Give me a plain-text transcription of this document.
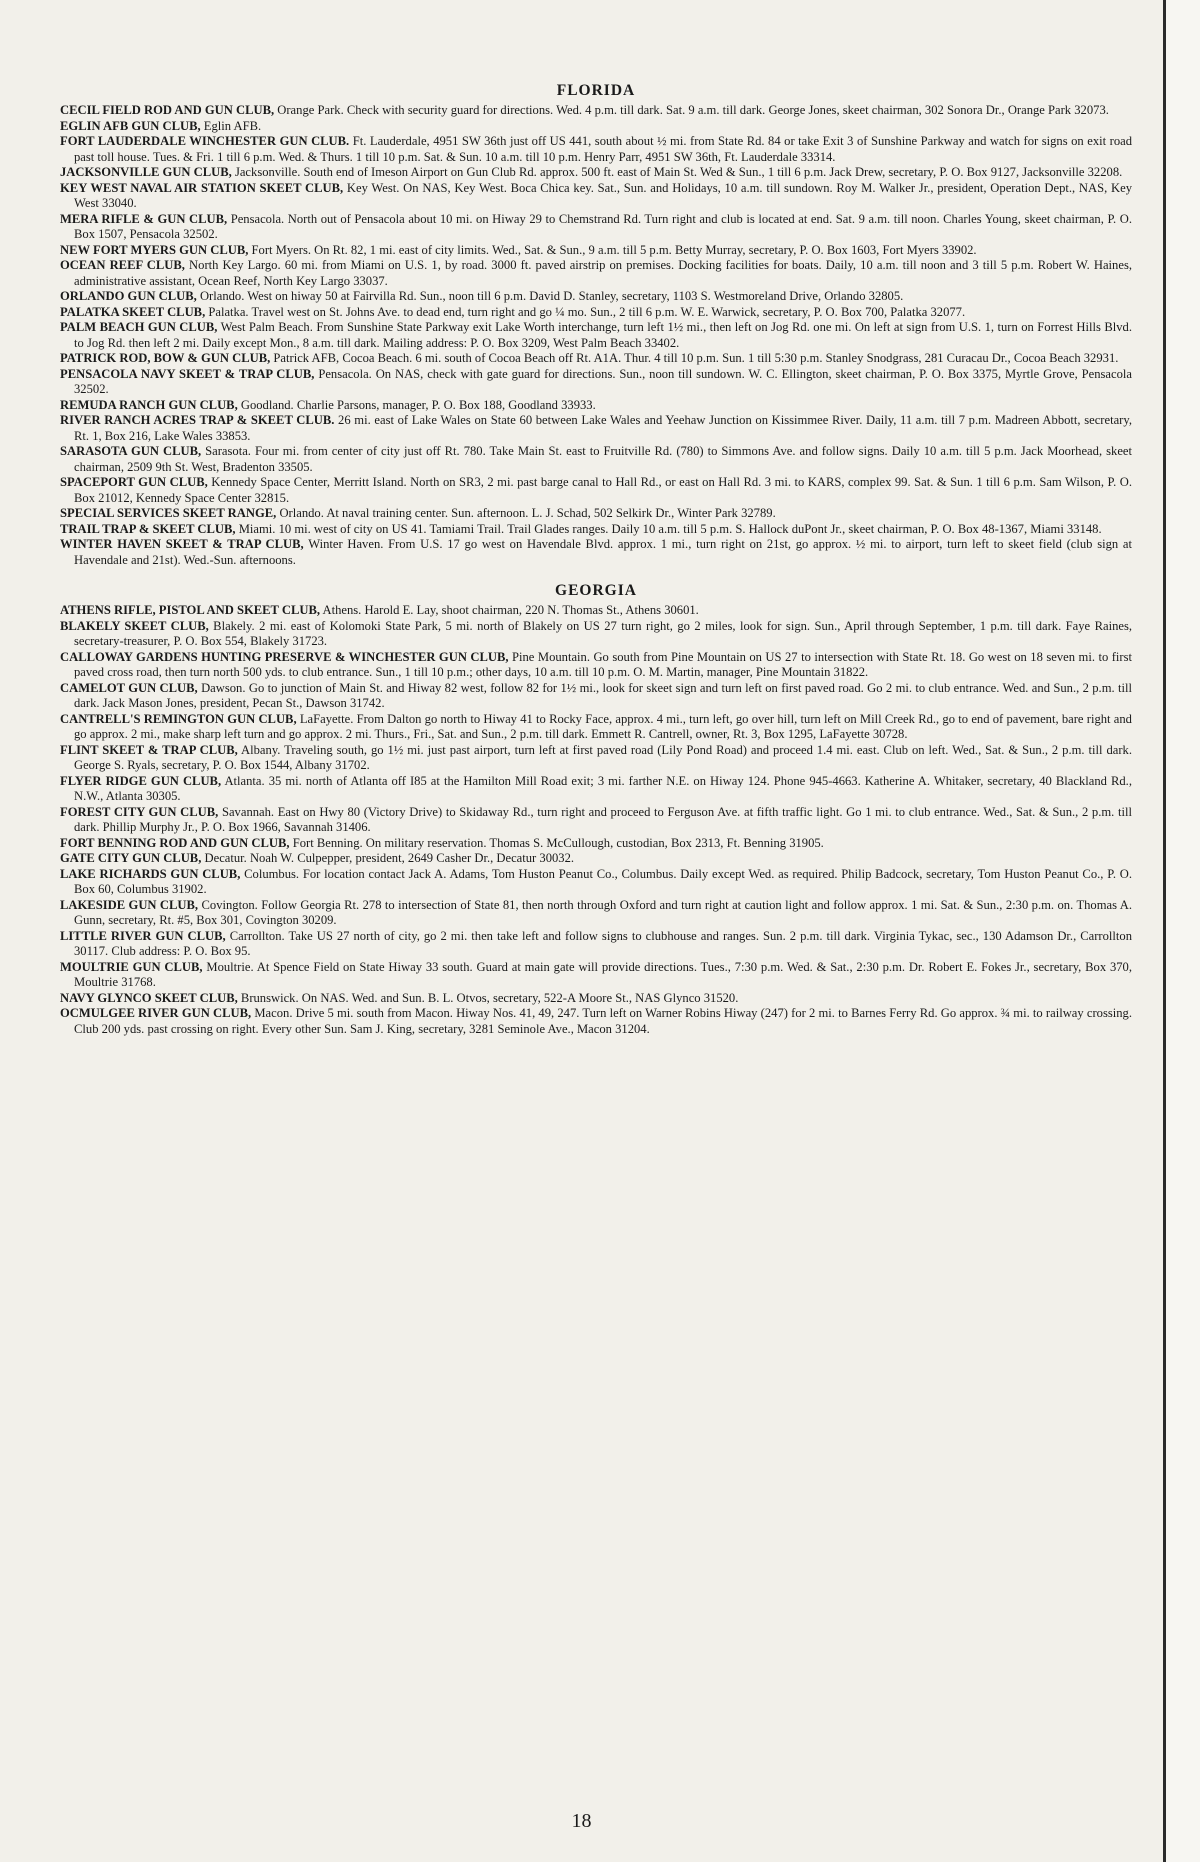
FLORIDA

CECIL FIELD ROD AND GUN CLUB, Orange Park. Check with security guard for directions. Wed. 4 p.m. till dark. Sat. 9 a.m. till dark. George Jones, skeet chairman, 302 Sonora Dr., Orange Park 32073.

EGLIN AFB GUN CLUB, Eglin AFB.

FORT LAUDERDALE WINCHESTER GUN CLUB. Ft. Lauderdale, 4951 SW 36th just off US 441, south about ½ mi. from State Rd. 84 or take Exit 3 of Sunshine Parkway and watch for signs on exit road past toll house. Tues. & Fri. 1 till 6 p.m. Wed. & Thurs. 1 till 10 p.m. Sat. & Sun. 10 a.m. till 10 p.m. Henry Parr, 4951 SW 36th, Ft. Lauderdale 33314.

JACKSONVILLE GUN CLUB, Jacksonville. South end of Imeson Airport on Gun Club Rd. approx. 500 ft. east of Main St. Wed & Sun., 1 till 6 p.m. Jack Drew, secretary, P. O. Box 9127, Jacksonville 32208.

KEY WEST NAVAL AIR STATION SKEET CLUB, Key West. On NAS, Key West. Boca Chica key. Sat., Sun. and Holidays, 10 a.m. till sundown. Roy M. Walker Jr., president, Operation Dept., NAS, Key West 33040.

MERA RIFLE & GUN CLUB, Pensacola. North out of Pensacola about 10 mi. on Hiway 29 to Chemstrand Rd. Turn right and club is located at end. Sat. 9 a.m. till noon. Charles Young, skeet chairman, P. O. Box 1507, Pensacola 32502.

NEW FORT MYERS GUN CLUB, Fort Myers. On Rt. 82, 1 mi. east of city limits. Wed., Sat. & Sun., 9 a.m. till 5 p.m. Betty Murray, secretary, P. O. Box 1603, Fort Myers 33902.

OCEAN REEF CLUB, North Key Largo. 60 mi. from Miami on U.S. 1, by road. 3000 ft. paved airstrip on premises. Docking facilities for boats. Daily, 10 a.m. till noon and 3 till 5 p.m. Robert W. Haines, administrative assistant, Ocean Reef, North Key Largo 33037.

ORLANDO GUN CLUB, Orlando. West on hiway 50 at Fairvilla Rd. Sun., noon till 6 p.m. David D. Stanley, secretary, 1103 S. Westmoreland Drive, Orlando 32805.

PALATKA SKEET CLUB, Palatka. Travel west on St. Johns Ave. to dead end, turn right and go ¼ mo. Sun., 2 till 6 p.m. W. E. Warwick, secretary, P. O. Box 700, Palatka 32077.

PALM BEACH GUN CLUB, West Palm Beach. From Sunshine State Parkway exit Lake Worth interchange, turn left 1½ mi., then left on Jog Rd. one mi. On left at sign from U.S. 1, turn on Forrest Hills Blvd. to Jog Rd. then left 2 mi. Daily except Mon., 8 a.m. till dark. Mailing address: P. O. Box 3209, West Palm Beach 33402.

PATRICK ROD, BOW & GUN CLUB, Patrick AFB, Cocoa Beach. 6 mi. south of Cocoa Beach off Rt. A1A. Thur. 4 till 10 p.m. Sun. 1 till 5:30 p.m. Stanley Snodgrass, 281 Curacau Dr., Cocoa Beach 32931.

PENSACOLA NAVY SKEET & TRAP CLUB, Pensacola. On NAS, check with gate guard for directions. Sun., noon till sundown. W. C. Ellington, skeet chairman, P. O. Box 3375, Myrtle Grove, Pensacola 32502.

REMUDA RANCH GUN CLUB, Goodland. Charlie Parsons, manager, P. O. Box 188, Goodland 33933.

RIVER RANCH ACRES TRAP & SKEET CLUB. 26 mi. east of Lake Wales on State 60 between Lake Wales and Yeehaw Junction on Kissimmee River. Daily, 11 a.m. till 7 p.m. Madreen Abbott, secretary, Rt. 1, Box 216, Lake Wales 33853.

SARASOTA GUN CLUB, Sarasota. Four mi. from center of city just off Rt. 780. Take Main St. east to Fruitville Rd. (780) to Simmons Ave. and follow signs. Daily 10 a.m. till 5 p.m. Jack Moorhead, skeet chairman, 2509 9th St. West, Bradenton 33505.

SPACEPORT GUN CLUB, Kennedy Space Center, Merritt Island. North on SR3, 2 mi. past barge canal to Hall Rd., or east on Hall Rd. 3 mi. to KARS, complex 99. Sat. & Sun. 1 till 6 p.m. Sam Wilson, P. O. Box 21012, Kennedy Space Center 32815.

SPECIAL SERVICES SKEET RANGE, Orlando. At naval training center. Sun. afternoon. L. J. Schad, 502 Selkirk Dr., Winter Park 32789.

TRAIL TRAP & SKEET CLUB, Miami. 10 mi. west of city on US 41. Tamiami Trail. Trail Glades ranges. Daily 10 a.m. till 5 p.m. S. Hallock duPont Jr., skeet chairman, P. O. Box 48-1367, Miami 33148.

WINTER HAVEN SKEET & TRAP CLUB, Winter Haven. From U.S. 17 go west on Havendale Blvd. approx. 1 mi., turn right on 21st, go approx. ½ mi. to airport, turn left to skeet field (club sign at Havendale and 21st). Wed.-Sun. afternoons.

GEORGIA

ATHENS RIFLE, PISTOL AND SKEET CLUB, Athens. Harold E. Lay, shoot chairman, 220 N. Thomas St., Athens 30601.

BLAKELY SKEET CLUB, Blakely. 2 mi. east of Kolomoki State Park, 5 mi. north of Blakely on US 27 turn right, go 2 miles, look for sign. Sun., April through September, 1 p.m. till dark. Faye Raines, secretary-treasurer, P. O. Box 554, Blakely 31723.

CALLOWAY GARDENS HUNTING PRESERVE & WINCHESTER GUN CLUB, Pine Mountain. Go south from Pine Mountain on US 27 to intersection with State Rt. 18. Go west on 18 seven mi. to first paved cross road, then turn north 500 yds. to club entrance. Sun., 1 till 10 p.m.; other days, 10 a.m. till 10 p.m. O. M. Martin, manager, Pine Mountain 31822.

CAMELOT GUN CLUB, Dawson. Go to junction of Main St. and Hiway 82 west, follow 82 for 1½ mi., look for skeet sign and turn left on first paved road. Go 2 mi. to club entrance. Wed. and Sun., 2 p.m. till dark. Jack Mason Jones, president, Pecan St., Dawson 31742.

CANTRELL'S REMINGTON GUN CLUB, LaFayette. From Dalton go north to Hiway 41 to Rocky Face, approx. 4 mi., turn left, go over hill, turn left on Mill Creek Rd., go to end of pavement, bare right and go approx. 2 mi., make sharp left turn and go approx. 2 mi. Thurs., Fri., Sat. and Sun., 2 p.m. till dark. Emmett R. Cantrell, owner, Rt. 3, Box 1295, LaFayette 30728.

FLINT SKEET & TRAP CLUB, Albany. Traveling south, go 1½ mi. just past airport, turn left at first paved road (Lily Pond Road) and proceed 1.4 mi. east. Club on left. Wed., Sat. & Sun., 2 p.m. till dark. George S. Ryals, secretary, P. O. Box 1544, Albany 31702.

FLYER RIDGE GUN CLUB, Atlanta. 35 mi. north of Atlanta off I85 at the Hamilton Mill Road exit; 3 mi. farther N.E. on Hiway 124. Phone 945-4663. Katherine A. Whitaker, secretary, 40 Blackland Rd., N.W., Atlanta 30305.

FOREST CITY GUN CLUB, Savannah. East on Hwy 80 (Victory Drive) to Skidaway Rd., turn right and proceed to Ferguson Ave. at fifth traffic light. Go 1 mi. to club entrance. Wed., Sat. & Sun., 2 p.m. till dark. Phillip Murphy Jr., P. O. Box 1966, Savannah 31406.

FORT BENNING ROD AND GUN CLUB, Fort Benning. On military reservation. Thomas S. McCullough, custodian, Box 2313, Ft. Benning 31905.

GATE CITY GUN CLUB, Decatur. Noah W. Culpepper, president, 2649 Casher Dr., Decatur 30032.

LAKE RICHARDS GUN CLUB, Columbus. For location contact Jack A. Adams, Tom Huston Peanut Co., Columbus. Daily except Wed. as required. Philip Badcock, secretary, Tom Huston Peanut Co., P. O. Box 60, Columbus 31902.

LAKESIDE GUN CLUB, Covington. Follow Georgia Rt. 278 to intersection of State 81, then north through Oxford and turn right at caution light and follow approx. 1 mi. Sat. & Sun., 2:30 p.m. on. Thomas A. Gunn, secretary, Rt. #5, Box 301, Covington 30209.

LITTLE RIVER GUN CLUB, Carrollton. Take US 27 north of city, go 2 mi. then take left and follow signs to clubhouse and ranges. Sun. 2 p.m. till dark. Virginia Tykac, sec., 130 Adamson Dr., Carrollton 30117. Club address: P. O. Box 95.

MOULTRIE GUN CLUB, Moultrie. At Spence Field on State Hiway 33 south. Guard at main gate will provide directions. Tues., 7:30 p.m. Wed. & Sat., 2:30 p.m. Dr. Robert E. Fokes Jr., secretary, Box 370, Moultrie 31768.

NAVY GLYNCO SKEET CLUB, Brunswick. On NAS. Wed. and Sun. B. L. Otvos, secretary, 522-A Moore St., NAS Glynco 31520.

OCMULGEE RIVER GUN CLUB, Macon. Drive 5 mi. south from Macon. Hiway Nos. 41, 49, 247. Turn left on Warner Robins Hiway (247) for 2 mi. to Barnes Ferry Rd. Go approx. ¾ mi. to railway crossing. Club 200 yds. past crossing on right. Every other Sun. Sam J. King, secretary, 3281 Seminole Ave., Macon 31204.

18
